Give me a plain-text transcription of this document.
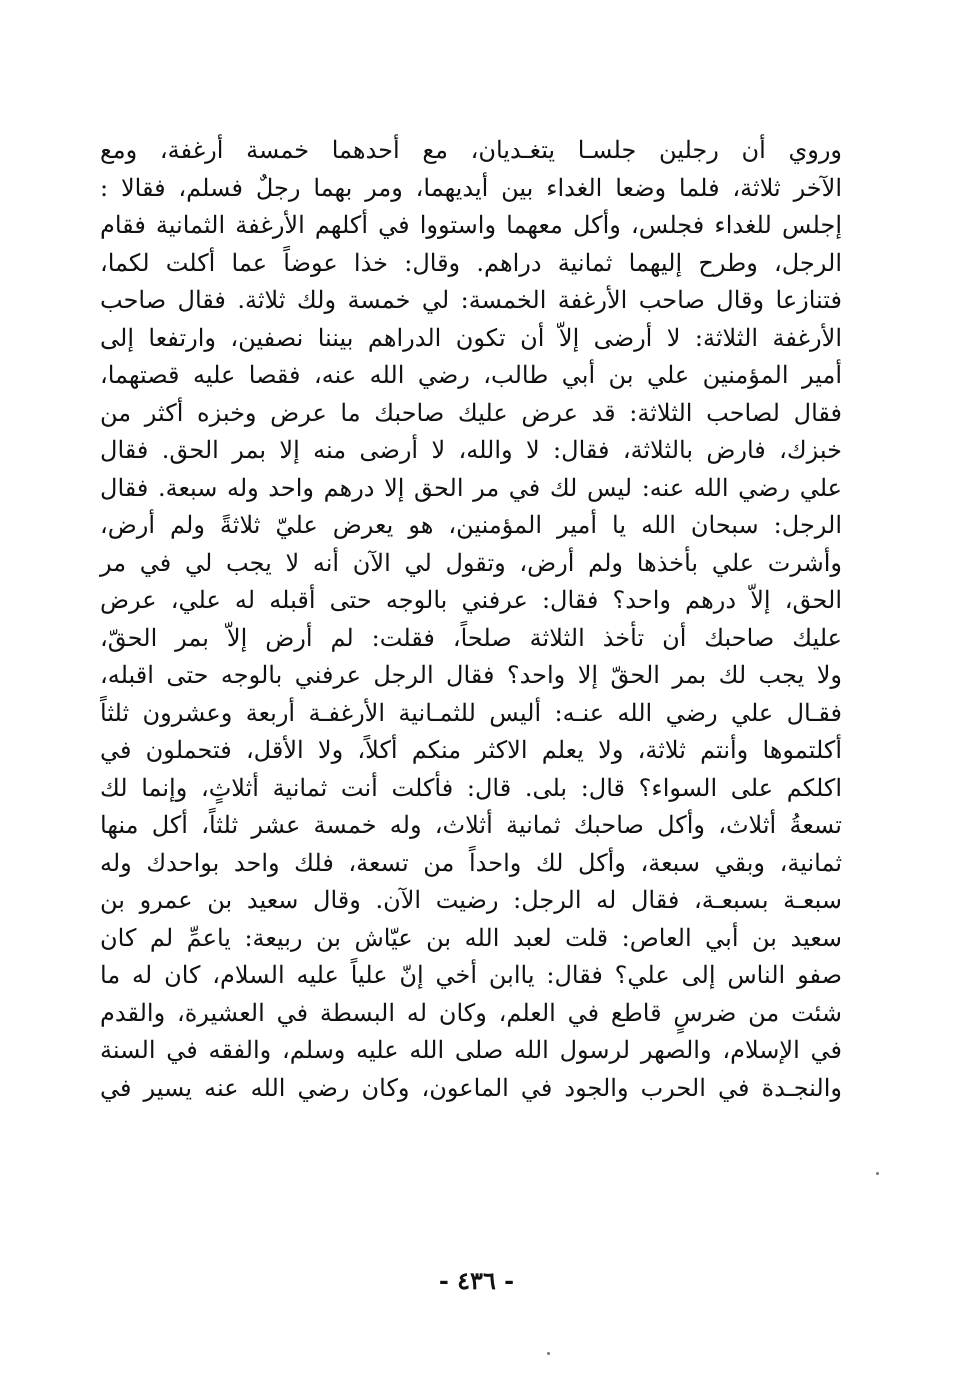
وروي أن رجلين جلسـا يتغـديان، مع أحدهما خمسة أرغفة، ومع
الآخر ثلاثة، فلما وضعا الغداء بين أيديهما، ومر بهما رجلٌ فسلم، فقالا :
إجلس للغداء فجلس، وأكل معهما واستووا في أكلهم الأرغفة الثمانية فقام
الرجل، وطرح إليهما ثمانية دراهم. وقال: خذا عوضاً عما أكلت لكما،
فتنازعا وقال صاحب الأرغفة الخمسة: لي خمسة ولك ثلاثة. فقال صاحب
الأرغفة الثلاثة: لا أرضى إلاّ أن تكون الدراهم بيننا نصفين، وارتفعا إلى
أمير المؤمنين علي بن أبي طالب، رضي الله عنه، فقصا عليه قصتهما،
فقال لصاحب الثلاثة: قد عرض عليك صاحبك ما عرض وخبزه أكثر من
خبزك، فارض بالثلاثة، فقال: لا والله، لا أرضى منه إلا بمر الحق. فقال
علي رضي الله عنه: ليس لك في مر الحق إلا درهم واحد وله سبعة. فقال
الرجل: سبحان الله يا أمير المؤمنين، هو يعرض عليّ ثلاثةً ولم أرض،
وأشرت علي بأخذها ولم أرض، وتقول لي الآن أنه لا يجب لي في مر
الحق، إلاّ درهم واحد؟ فقال: عرفني بالوجه حتى أقبله له علي، عرض
عليك صاحبك أن تأخذ الثلاثة صلحاً، فقلت: لم أرض إلاّ بمر الحقّ،
ولا يجب لك بمر الحقّ إلا واحد؟ فقال الرجل عرفني بالوجه حتى اقبله،
فقـال علي رضي الله عنـه: أليس للثمـانية الأرغفـة أربعة وعشرون ثلثاً
أكلتموها وأنتم ثلاثة، ولا يعلم الاكثر منكم أكلاً، ولا الأقل، فتحملون في
اكلكم على السواء؟ قال: بلى. قال: فأكلت أنت ثمانية أثلاثٍ، وإنما لك
تسعةُ أثلاث، وأكل صاحبك ثمانية أثلاث، وله خمسة عشر ثلثاً، أكل منها
ثمانية، وبقي سبعة، وأكل لك واحداً من تسعة، فلك واحد بواحدك وله
سبعـة بسبعـة، فقال له الرجل: رضيت الآن. وقال سعيد بن عمرو بن
سعيد بن أبي العاص: قلت لعبد الله بن عيّاش بن ربيعة: ياعمِّ لم كان
صفو الناس إلى علي؟ فقال: ياابن أخي إنّ علياً عليه السلام، كان له ما
شئت من ضرسٍ قاطع في العلم، وكان له البسطة في العشيرة، والقدم
في الإسلام، والصهر لرسول الله صلى الله عليه وسلم، والفقه في السنة
والنجـدة في الحرب والجود في الماعون، وكان رضي الله عنه يسير في
- ٤٣٦ -
